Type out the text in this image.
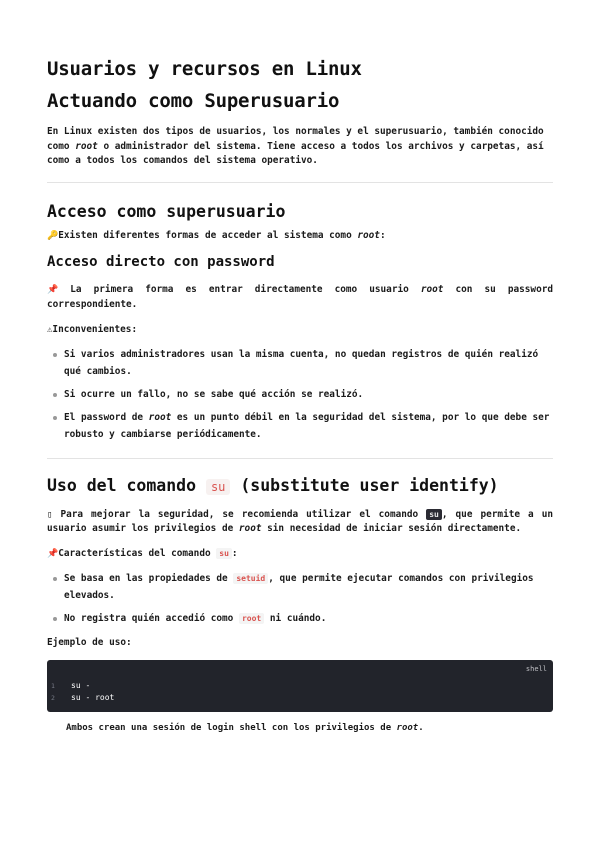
Usuarios y recursos en Linux
Actuando como Superusuario

En Linux existen dos tipos de usuarios, los normales y el superusuario, también conocido como root o administrador del sistema. Tiene acceso a todos los archivos y carpetas, así como a todos los comandos del sistema operativo.

Acceso como superusuario

🔑Existen diferentes formas de acceder al sistema como root:

Acceso directo con password

📌 La primera forma es entrar directamente como usuario root con su password correspondiente.

⚠Inconvenientes:

Si varios administradores usan la misma cuenta, no quedan registros de quién realizó qué cambios.
Si ocurre un fallo, no se sabe qué acción se realizó.
El password de root es un punto débil en la seguridad del sistema, por lo que debe ser robusto y cambiarse periódicamente.
Uso del comando su (substitute user identify)

▯ Para mejorar la seguridad, se recomienda utilizar el comando su , que permite a un usuario asumir los privilegios de root sin necesidad de iniciar sesión directamente.

📌Características del comando su :

Se basa en las propiedades de setuid , que permite ejecutar comandos con privilegios elevados.
No registra quién accedió como root ni cuándo.

Ejemplo de uso:

shell
1 su -
2 su - root

Ambos crean una sesión de login shell con los privilegios de root.
